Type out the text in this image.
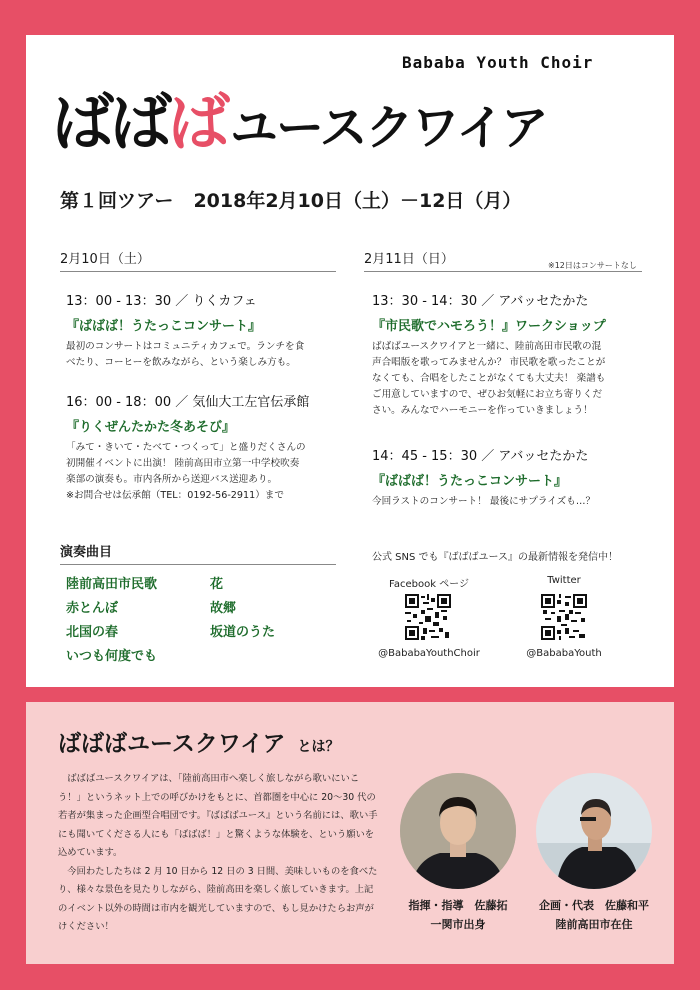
Bababa Youth Choir
ばばばユースクワイア
第１回ツアー 2018年2月10日（土）－12日（月）
2月10日（土）
13：00 - 13：30 ／ りくカフェ
『ばばば！うたっこコンサート』
最初のコンサートはコミュニティカフェで。ランチを食
べたり、コーヒーを飲みながら、という楽しみ方も。
16：00 - 18：00 ／ 気仙大工左官伝承館
『りくぜんたかた冬あそび』
「みて・きいて・たべて・つくって」と盛りだくさんの
初開催イベントに出演！ 陸前高田市立第一中学校吹奏
楽部の演奏も。市内各所から送迎バス送迎あり。
※お問合せは伝承館（TEL：0192-56-2911）まで
2月11日（日）	※12日はコンサートなし
13：30 - 14：30 ／ アバッセたかた
『市民歌でハモろう！』ワークショップ
ばばばユースクワイアと一緒に、陸前高田市民歌の混
声合唱版を歌ってみませんか？ 市民歌を歌ったことが
なくても、合唱をしたことがなくても大丈夫！ 楽譜も
ご用意していますので、ぜひお気軽にお立ち寄りくだ
さい。みんなでハーモニーを作っていきましょう！
14：45 - 15：30 ／ アバッセたかた
『ばばば！うたっこコンサート』
今回ラストのコンサート！ 最後にサプライズも…？
演奏曲目
陸前高田市民歌
赤とんぼ
北国の春
いつも何度でも
花
故郷
坂道のうた
公式 SNS でも『ばばばユース』の最新情報を発信中！
Facebook ページ
@BababaYouthChoir
Twitter
@BababaYouth
ばばばユースクワイア とは？

ばばばユースクワイアは、「陸前高田市へ楽しく旅しながら歌いにいこう！」というネット上での呼びかけをもとに、首都圏を中心に 20〜30 代の若者が集まった企画型合唱団です。『ばばばユース』という名前には、歌い手にも聞いてくださる人にも「ばばば！」と驚くような体験を、という願いを込めています。

今回わたしたちは 2 月 10 日から 12 日の 3 日間、美味しいものを食べたり、様々な景色を見たりしながら、陸前高田を楽しく旅していきます。上記のイベント以外の時間は市内を観光していますので、もし見かけたらお声がけください！

指揮・指導　佐藤拓
一関市出身
企画・代表　佐藤和平
陸前高田市在住
